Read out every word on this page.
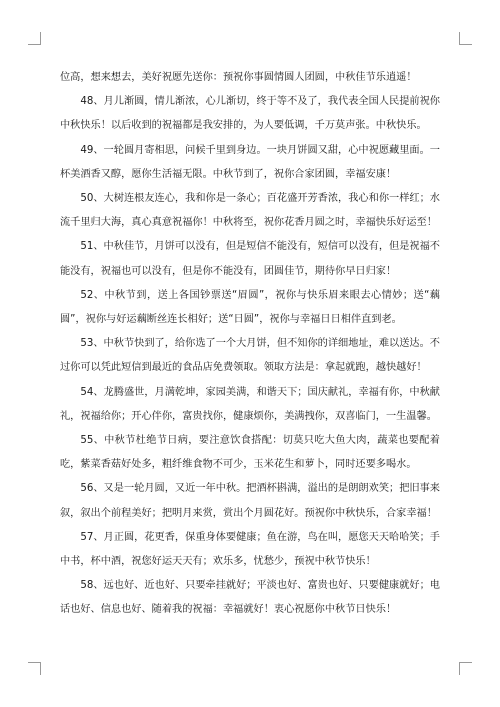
位高，想来想去，美好祝愿先送你：预祝你事圆情圆人团圆，中秋佳节乐逍遥！

48、月儿渐圆，情儿渐浓，心儿渐切，终于等不及了，我代表全国人民提前祝你中秋快乐！以后收到的祝福都是我安排的，为人要低调，千万莫声张。中秋快乐。

49、一轮圆月寄相思，问候千里到身边。一块月饼圆又甜，心中祝愿藏里面。一杯美酒香又醇，愿你生活福无限。中秋节到了，祝你合家团圆，幸福安康！

50、大树连根友连心，我和你是一条心；百花盛开芳香浓，我心和你一样红；水流千里归大海，真心真意祝福你！中秋将至，祝你花香月圆之时，幸福快乐好运至！

51、中秋佳节，月饼可以没有，但是短信不能没有，短信可以没有，但是祝福不能没有，祝福也可以没有，但是你不能没有，团圆佳节，期待你早日归家！

52、中秋节到，送上各国钞票送“眉圆”，祝你与快乐眉来眼去心情妙；送“藕圆”，祝你与好运藕断丝连长相好；送“日圆”，祝你与幸福日日相伴直到老。

53、中秋节快到了，给你选了一个大月饼，但不知你的详细地址，难以送达。不过你可以凭此短信到最近的食品店免费领取。领取方法是：拿起就跑，越快越好！

54、龙腾盛世，月满乾坤，家园美满，和谐天下；国庆献礼，幸福有你，中秋献礼，祝福给你；开心伴你，富贵找你，健康烦你，美满拽你，双喜临门，一生温馨。

55、中秋节杜绝节日病，要注意饮食搭配：切莫只吃大鱼大肉，蔬菜也要配着吃，紫菜香菇好处多，粗纤维食物不可少，玉米花生和萝卜，同时还要多喝水。

56、又是一轮月圆，又近一年中秋。把酒杯斟满，溢出的是朗朗欢笑；把旧事来叙，叙出个前程美好；把明月来赏，赏出个月圆花好。预祝你中秋快乐，合家幸福！

57、月正圆，花更香，保重身体要健康；鱼在游，鸟在叫，愿您天天哈哈笑；手中书，杯中酒，祝您好运天天有；欢乐多，忧愁少，预祝中秋节快乐！

58、远也好、近也好、只要牵挂就好；平淡也好、富贵也好、只要健康就好；电话也好、信息也好、随着我的祝福：幸福就好！衷心祝愿你中秋节日快乐！
